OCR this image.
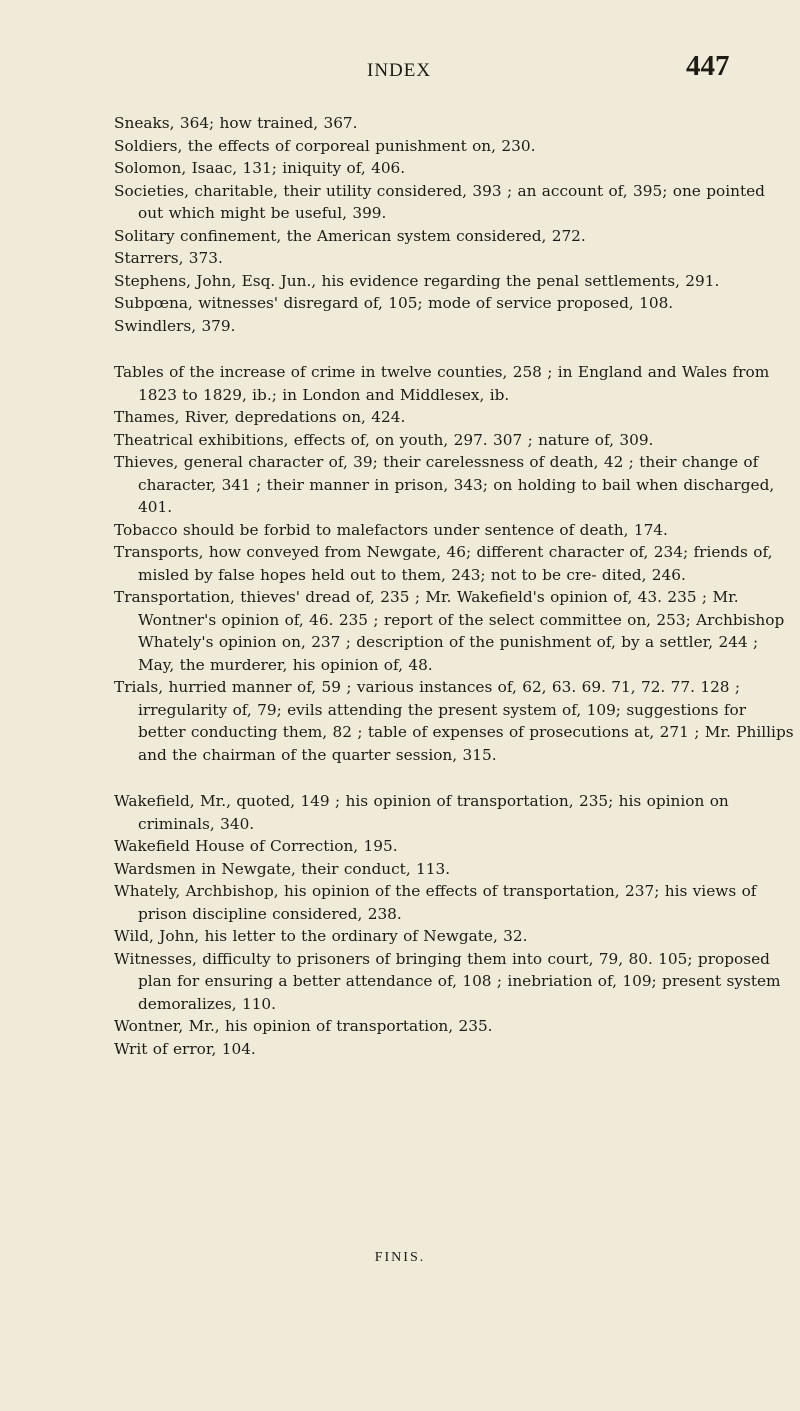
INDEX	447

Sneaks, 364; how trained, 367.

Soldiers, the effects of corporeal punishment on, 230.

Solomon, Isaac, 131; iniquity of, 406.

Societies, charitable, their utility considered, 393 ; an account of, 395; one pointed out which might be useful, 399.

Solitary confinement, the American system considered, 272.

Starrers, 373.

Stephens, John, Esq. Jun., his evidence regarding the penal settlements, 291.

Subpœna, witnesses' disregard of, 105; mode of service proposed, 108.

Swindlers, 379.

Tables of the increase of crime in twelve counties, 258 ; in England and Wales from 1823 to 1829, ib.; in London and Middlesex, ib.

Thames, River, depredations on, 424.

Theatrical exhibitions, effects of, on youth, 297. 307 ; nature of, 309.

Thieves, general character of, 39; their carelessness of death, 42 ; their change of character, 341 ; their manner in prison, 343; on holding to bail when discharged, 401.

Tobacco should be forbid to malefactors under sentence of death, 174.

Transports, how conveyed from Newgate, 46; different character of, 234; friends of, misled by false hopes held out to them, 243; not to be cre- dited, 246.

Transportation, thieves' dread of, 235 ; Mr. Wakefield's opinion of, 43. 235 ; Mr. Wontner's opinion of, 46. 235 ; report of the select committee on, 253; Archbishop Whately's opinion on, 237 ; description of the punishment of, by a settler, 244 ; May, the murderer, his opinion of, 48.

Trials, hurried manner of, 59 ; various instances of, 62, 63. 69. 71, 72. 77. 128 ; irregularity of, 79; evils attending the present system of, 109; suggestions for better conducting them, 82 ; table of expenses of prosecutions at, 271 ; Mr. Phillips and the chairman of the quarter session, 315.

Wakefield, Mr., quoted, 149 ; his opinion of transportation, 235; his opinion on criminals, 340.

Wakefield House of Correction, 195.

Wardsmen in Newgate, their conduct, 113.

Whately, Archbishop, his opinion of the effects of transportation, 237; his views of prison discipline considered, 238.

Wild, John, his letter to the ordinary of Newgate, 32.

Witnesses, difficulty to prisoners of bringing them into court, 79, 80. 105; proposed plan for ensuring a better attendance of, 108 ; inebriation of, 109; present system demoralizes, 110.

Wontner, Mr., his opinion of transportation, 235.

Writ of error, 104.

FINIS.
